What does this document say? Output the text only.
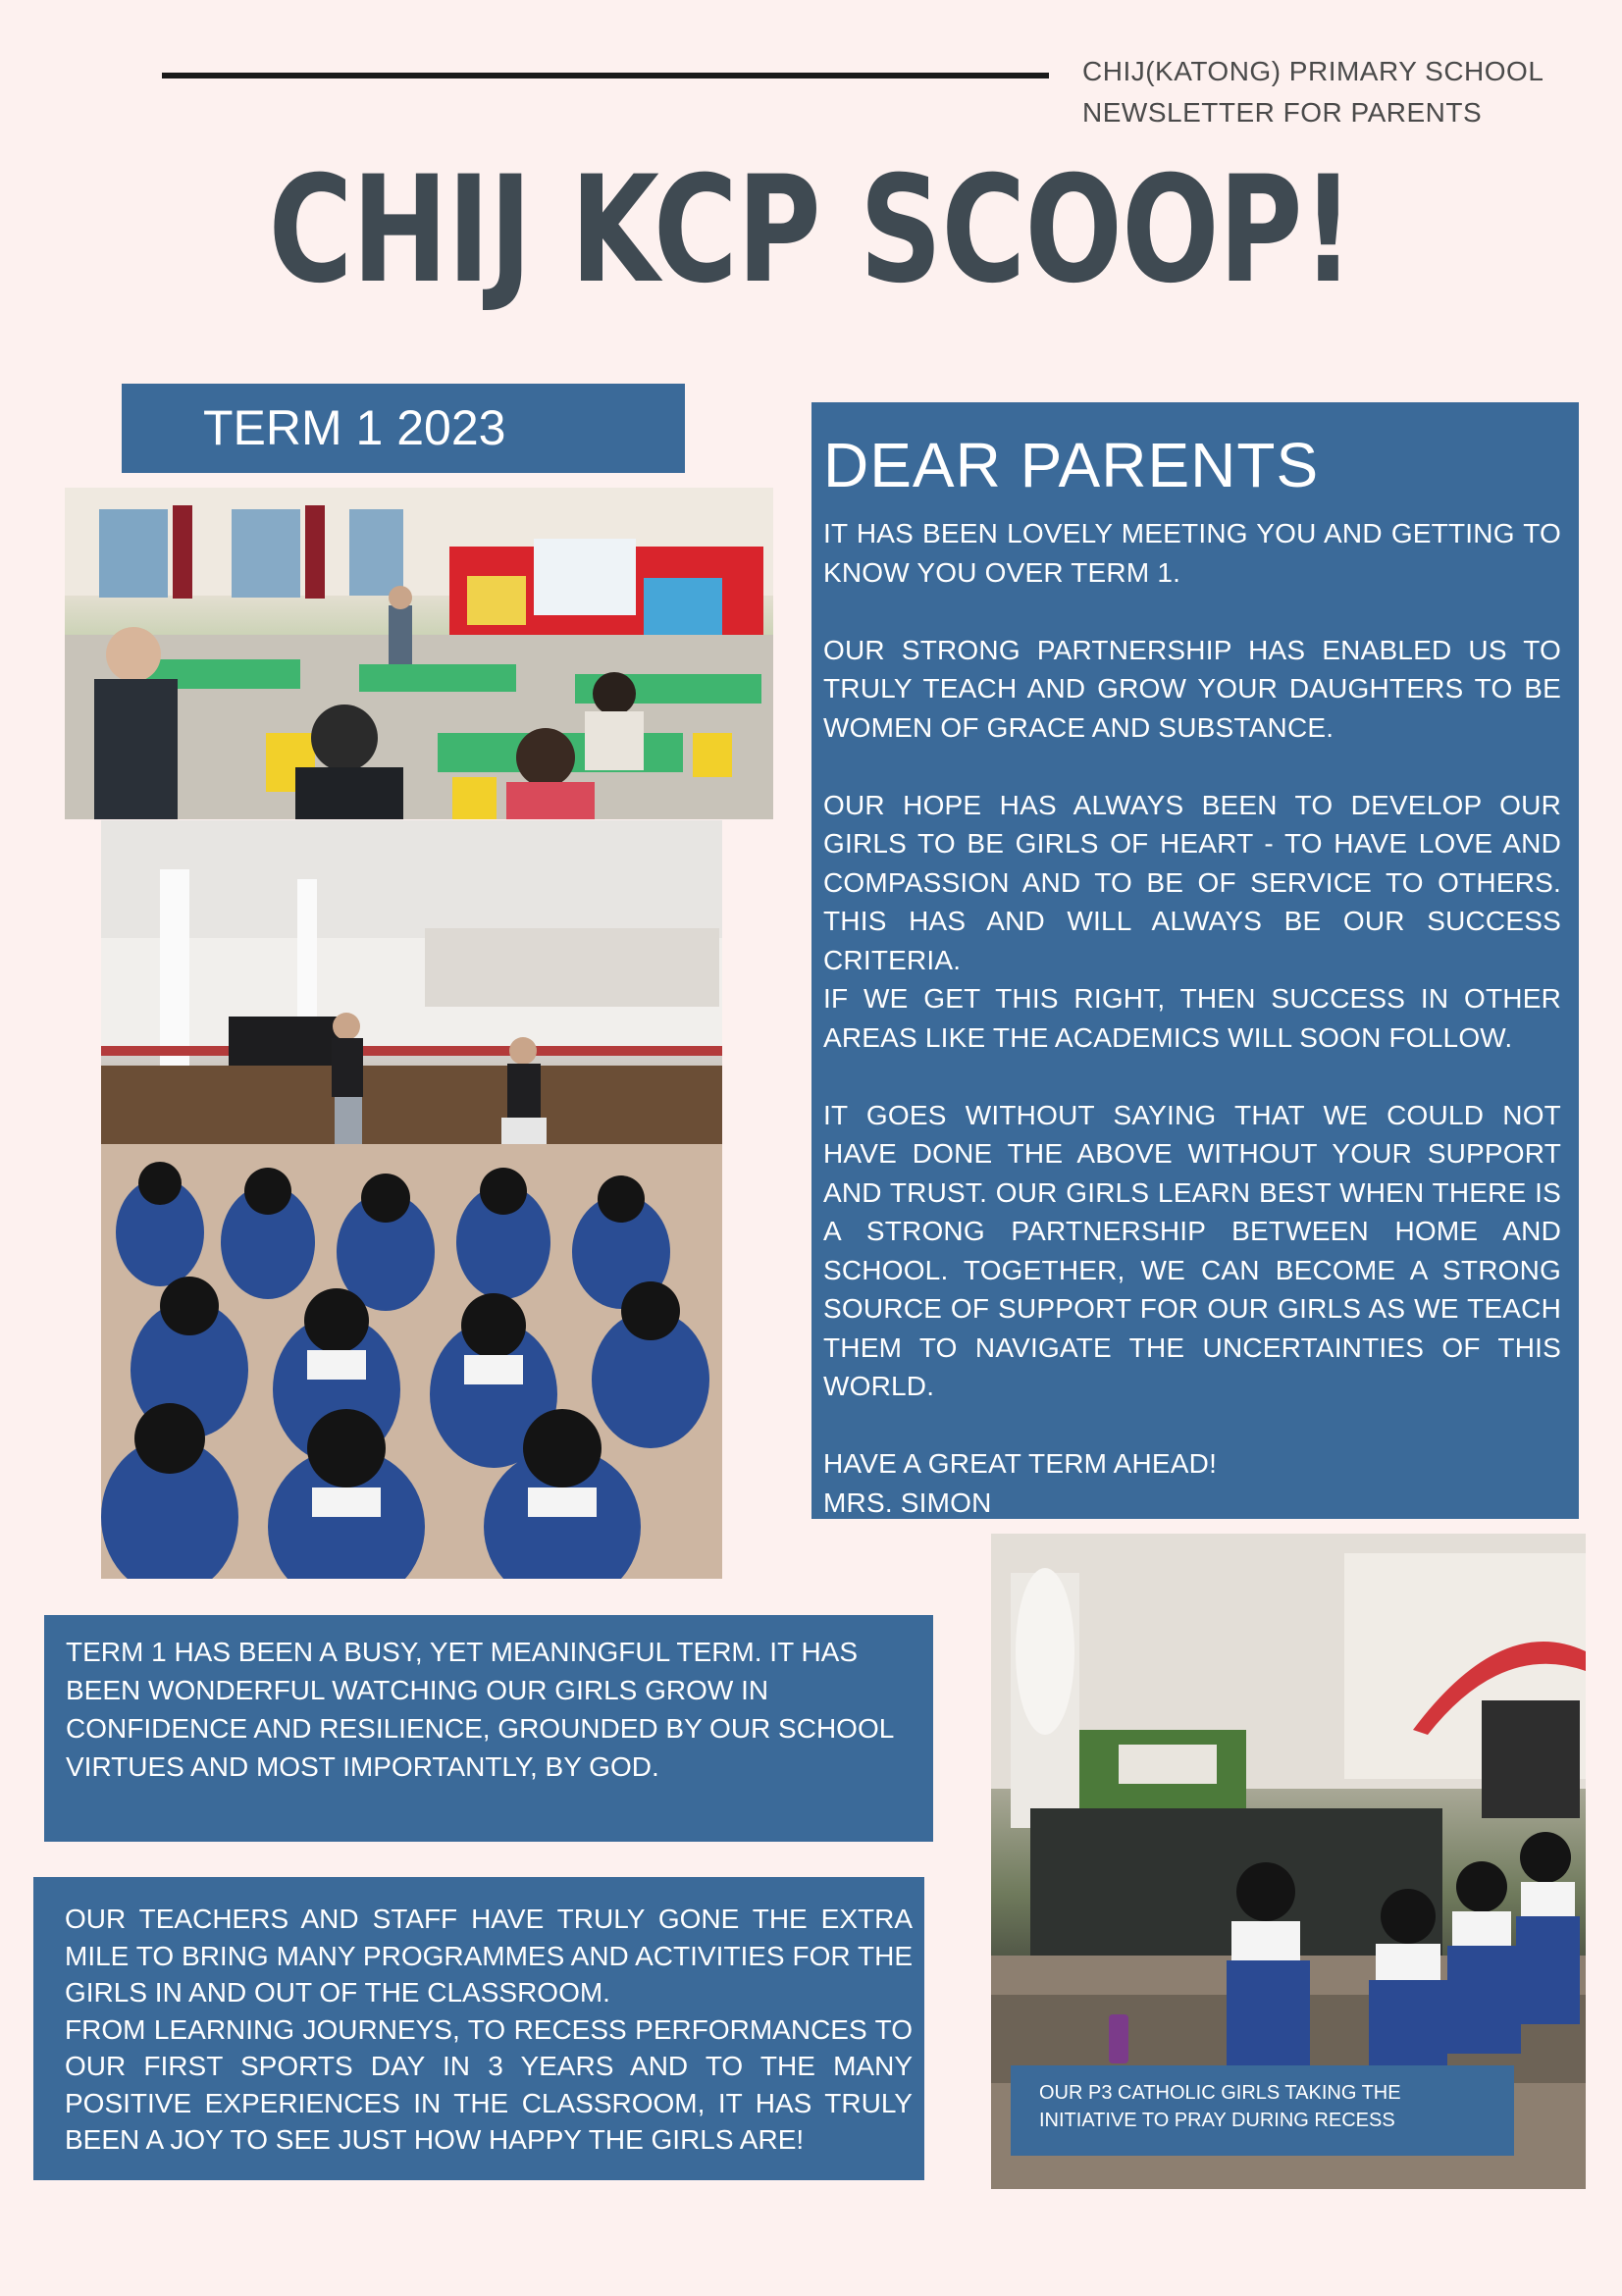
CHIJ(KATONG) PRIMARY SCHOOL
NEWSLETTER FOR PARENTS
CHIJ KCP SCOOP!
TERM 1 2023
DEAR PARENTS

IT HAS BEEN LOVELY MEETING YOU AND GETTING TO KNOW YOU OVER TERM 1.

OUR STRONG PARTNERSHIP HAS ENABLED US TO TRULY TEACH AND GROW YOUR DAUGHTERS TO BE WOMEN OF GRACE AND SUBSTANCE.

OUR HOPE HAS ALWAYS BEEN TO DEVELOP OUR GIRLS TO BE GIRLS OF HEART - TO HAVE LOVE AND COMPASSION AND TO BE OF SERVICE TO OTHERS. THIS HAS AND WILL ALWAYS BE OUR SUCCESS CRITERIA.

IF WE GET THIS RIGHT, THEN SUCCESS IN OTHER AREAS LIKE THE ACADEMICS WILL SOON FOLLOW.

IT GOES WITHOUT SAYING THAT WE COULD NOT HAVE DONE THE ABOVE WITHOUT YOUR SUPPORT AND TRUST. OUR GIRLS LEARN BEST WHEN THERE IS A STRONG PARTNERSHIP BETWEEN HOME AND SCHOOL. TOGETHER, WE CAN BECOME A STRONG SOURCE OF SUPPORT FOR OUR GIRLS AS WE TEACH THEM TO NAVIGATE THE UNCERTAINTIES OF THIS WORLD.

HAVE A GREAT TERM AHEAD!

MRS. SIMON

TERM 1 HAS BEEN A BUSY, YET MEANINGFUL TERM. IT HAS BEEN WONDERFUL WATCHING OUR GIRLS GROW IN CONFIDENCE AND RESILIENCE, GROUNDED BY OUR SCHOOL VIRTUES AND MOST IMPORTANTLY, BY GOD.
OUR TEACHERS AND STAFF HAVE TRULY GONE THE EXTRA MILE TO BRING MANY PROGRAMMES AND ACTIVITIES FOR THE GIRLS IN AND OUT OF THE CLASSROOM.
FROM LEARNING JOURNEYS, TO RECESS PERFORMANCES TO OUR FIRST SPORTS DAY IN 3 YEARS AND TO THE MANY POSITIVE EXPERIENCES IN THE CLASSROOM, IT HAS TRULY BEEN A JOY TO SEE JUST HOW HAPPY THE GIRLS ARE!
OUR P3 CATHOLIC GIRLS TAKING THE INITIATIVE TO PRAY DURING RECESS
